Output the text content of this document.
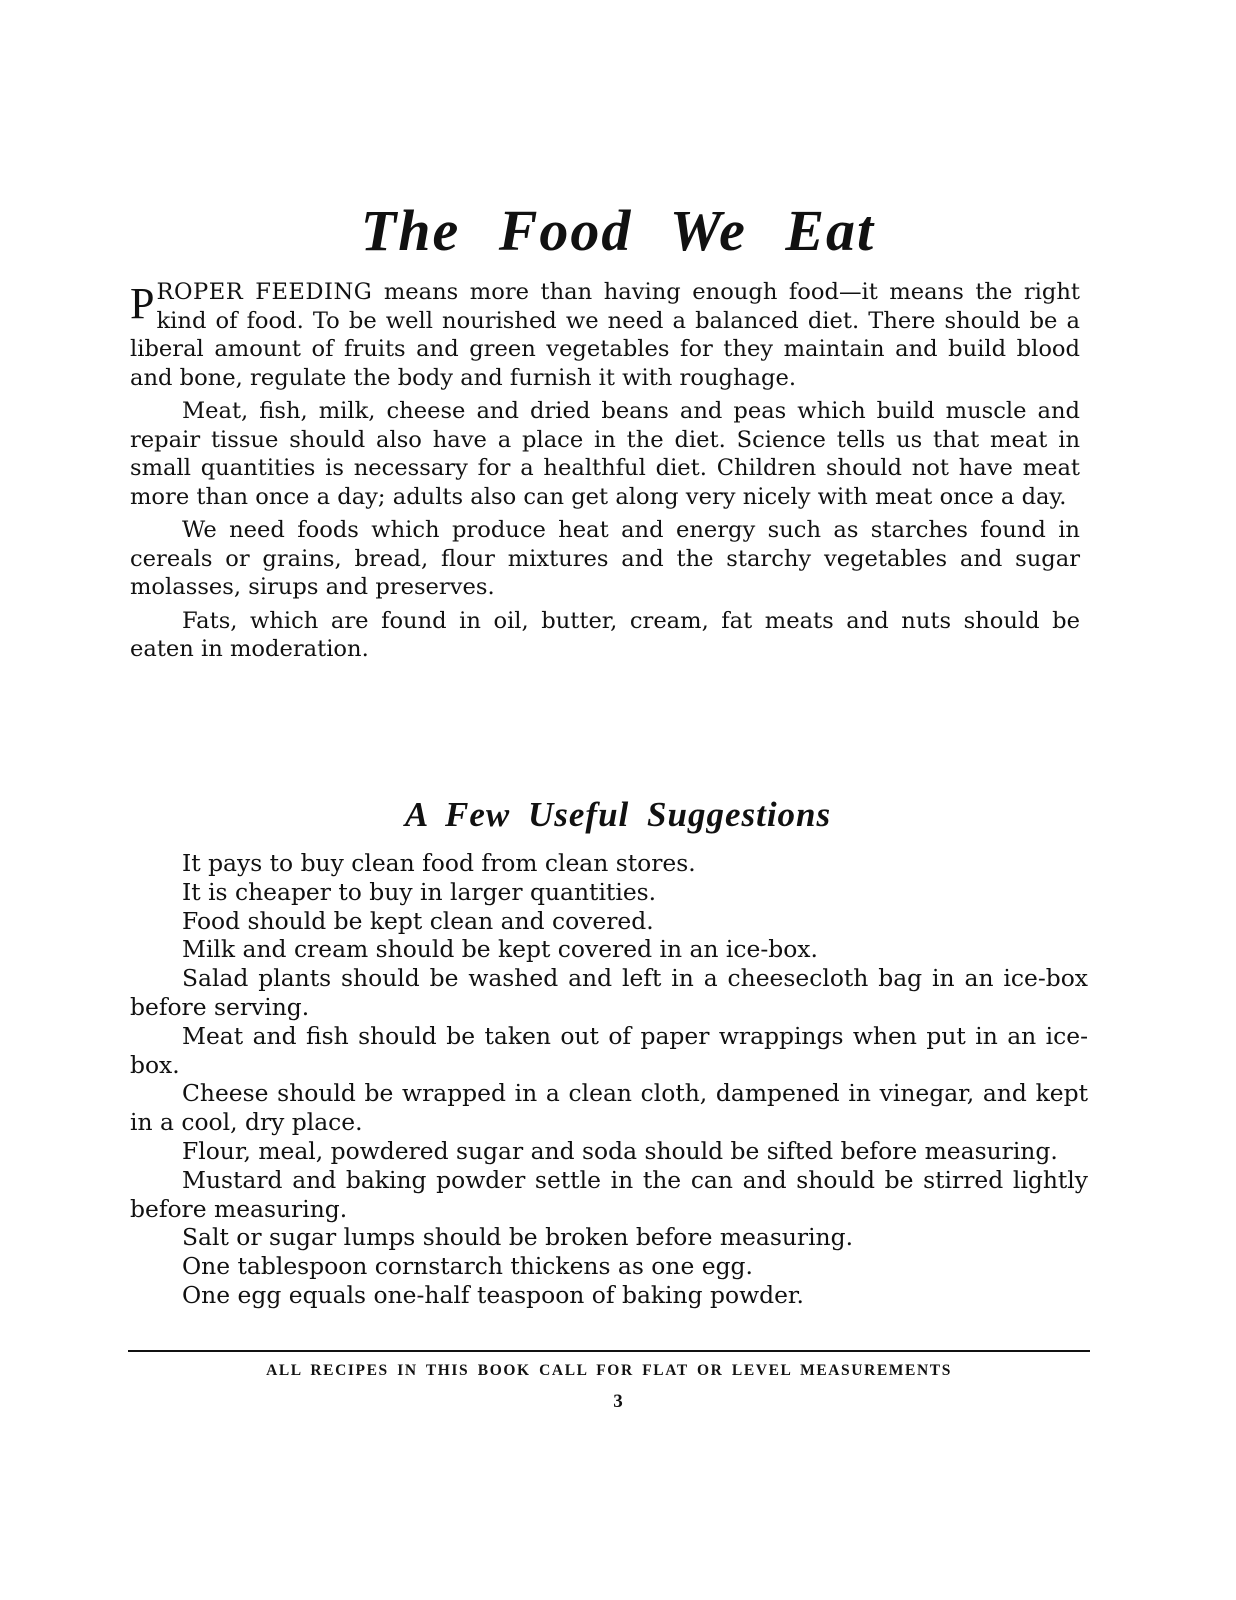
The Food We Eat

PROPER FEEDING means more than having enough food—it means the right kind of food. To be well nourished we need a balanced diet. There should be a liberal amount of fruits and green vegetables for they maintain and build blood and bone, regulate the body and furnish it with roughage.

Meat, fish, milk, cheese and dried beans and peas which build muscle and repair tissue should also have a place in the diet. Science tells us that meat in small quantities is necessary for a healthful diet. Children should not have meat more than once a day; adults also can get along very nicely with meat once a day.

We need foods which produce heat and energy such as starches found in cereals or grains, bread, flour mixtures and the starchy vegetables and sugar molasses, sirups and preserves.

Fats, which are found in oil, butter, cream, fat meats and nuts should be eaten in moderation.

A Few Useful Suggestions
It pays to buy clean food from clean stores.
It is cheaper to buy in larger quantities.
Food should be kept clean and covered.
Milk and cream should be kept covered in an ice-box.
Salad plants should be washed and left in a cheesecloth bag in an ice-box before serving.
Meat and fish should be taken out of paper wrappings when put in an ice-box.
Cheese should be wrapped in a clean cloth, dampened in vinegar, and kept in a cool, dry place.
Flour, meal, powdered sugar and soda should be sifted before measuring.
Mustard and baking powder settle in the can and should be stirred lightly before measuring.
Salt or sugar lumps should be broken before measuring.
One tablespoon cornstarch thickens as one egg.
One egg equals one-half teaspoon of baking powder.
ALL RECIPES IN THIS BOOK CALL FOR FLAT OR LEVEL MEASUREMENTS
3
